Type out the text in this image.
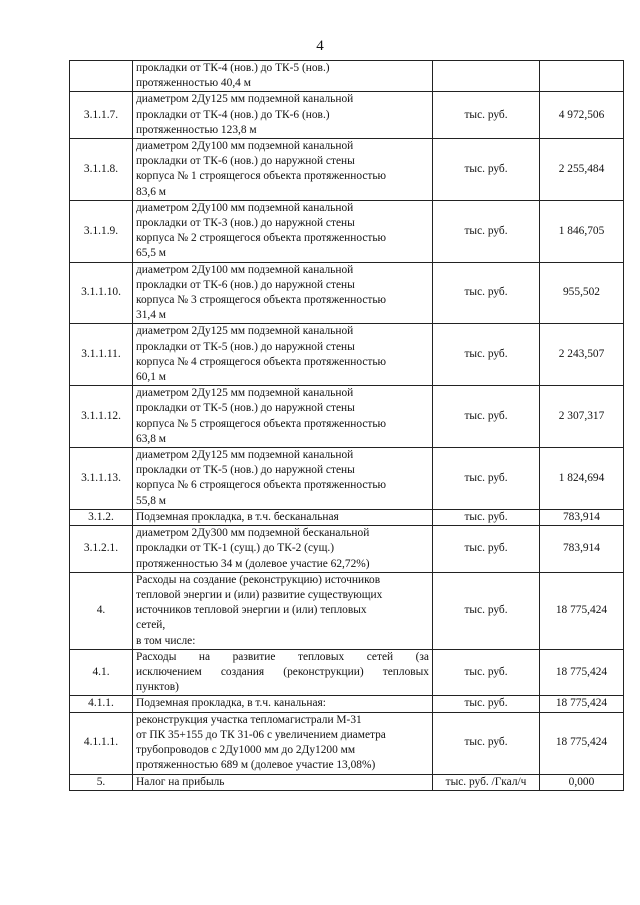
4

	прокладки от ТК-4 (нов.) до ТК-5 (нов.)
протяженностью 40,4 м		

3.1.1.7.	диаметром 2Ду125 мм подземной канальной
прокладки от ТК-4 (нов.) до ТК-6 (нов.)
протяженностью 123,8 м	тыс. руб.	4 972,506
3.1.1.8.	диаметром 2Ду100 мм подземной канальной
прокладки от ТК-6 (нов.) до наружной стены
корпуса № 1 строящегося объекта протяженностью
83,6 м	тыс. руб.	2 255,484
3.1.1.9.	диаметром 2Ду100 мм подземной канальной
прокладки от ТК-3 (нов.) до наружной стены
корпуса № 2 строящегося объекта протяженностью
65,5 м	тыс. руб.	1 846,705
3.1.1.10.	диаметром 2Ду100 мм подземной канальной
прокладки от ТК-6 (нов.) до наружной стены
корпуса № 3 строящегося объекта протяженностью
31,4 м	тыс. руб.	955,502
3.1.1.11.	диаметром 2Ду125 мм подземной канальной
прокладки от ТК-5 (нов.) до наружной стены
корпуса № 4 строящегося объекта протяженностью
60,1 м	тыс. руб.	2 243,507
3.1.1.12.	диаметром 2Ду125 мм подземной канальной
прокладки от ТК-5 (нов.) до наружной стены
корпуса № 5 строящегося объекта протяженностью
63,8 м	тыс. руб.	2 307,317
3.1.1.13.	диаметром 2Ду125 мм подземной канальной
прокладки от ТК-5 (нов.) до наружной стены
корпуса № 6 строящегося объекта протяженностью
55,8 м	тыс. руб.	1 824,694
3.1.2.	Подземная прокладка, в т.ч. бесканальная	тыс. руб.	783,914
3.1.2.1.	диаметром 2Ду300 мм подземной бесканальной
прокладки от ТК-1 (сущ.) до ТК-2 (сущ.)
протяженностью 34 м (долевое участие 62,72%)	тыс. руб.	783,914
4.	Расходы на создание (реконструкцию) источников
тепловой энергии и (или) развитие существующих
источников тепловой энергии и (или) тепловых
сетей,
в том числе:	тыс. руб.	18 775,424
4.1.	Расходы на развитие тепловых сетей (за
исключением создания (реконструкции) тепловых
пунктов)	тыс. руб.	18 775,424
4.1.1.	Подземная прокладка, в т.ч. канальная:	тыс. руб.	18 775,424
4.1.1.1.	реконструкция участка тепломагистрали М-31
от ПК 35+155 до ТК 31-06 с увеличением диаметра
трубопроводов с 2Ду1000 мм до 2Ду1200 мм
протяженностью 689 м (долевое участие 13,08%)	тыс. руб.	18 775,424
5.	Налог на прибыль	тыс. руб. /Гкал/ч	0,000
